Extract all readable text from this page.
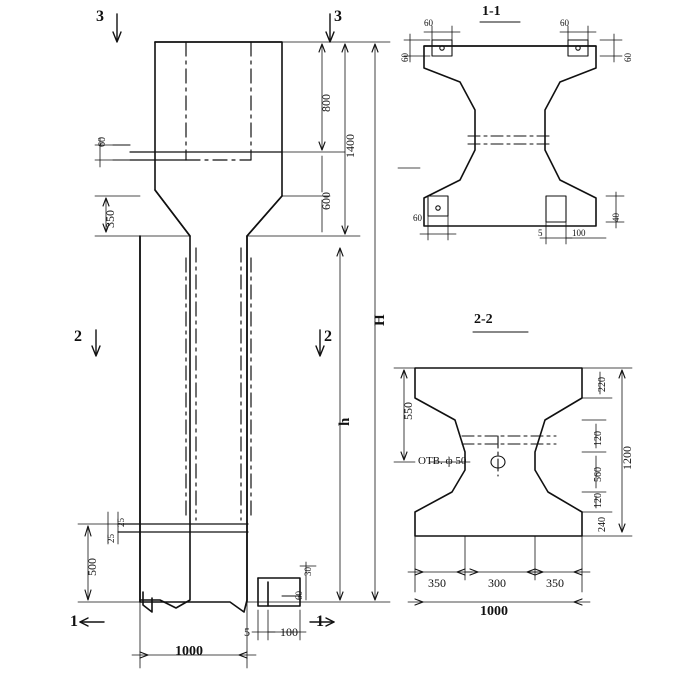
3	3
2	2
1	1
800
1400
600
350
60
H
h
500
25
25
30
60
5	100
1000
1-1
60	60
60	60
60	40
5	100
2-2
550
220
120
560
120
240
1200
350	300	350
1000
ОТВ. ф 50
